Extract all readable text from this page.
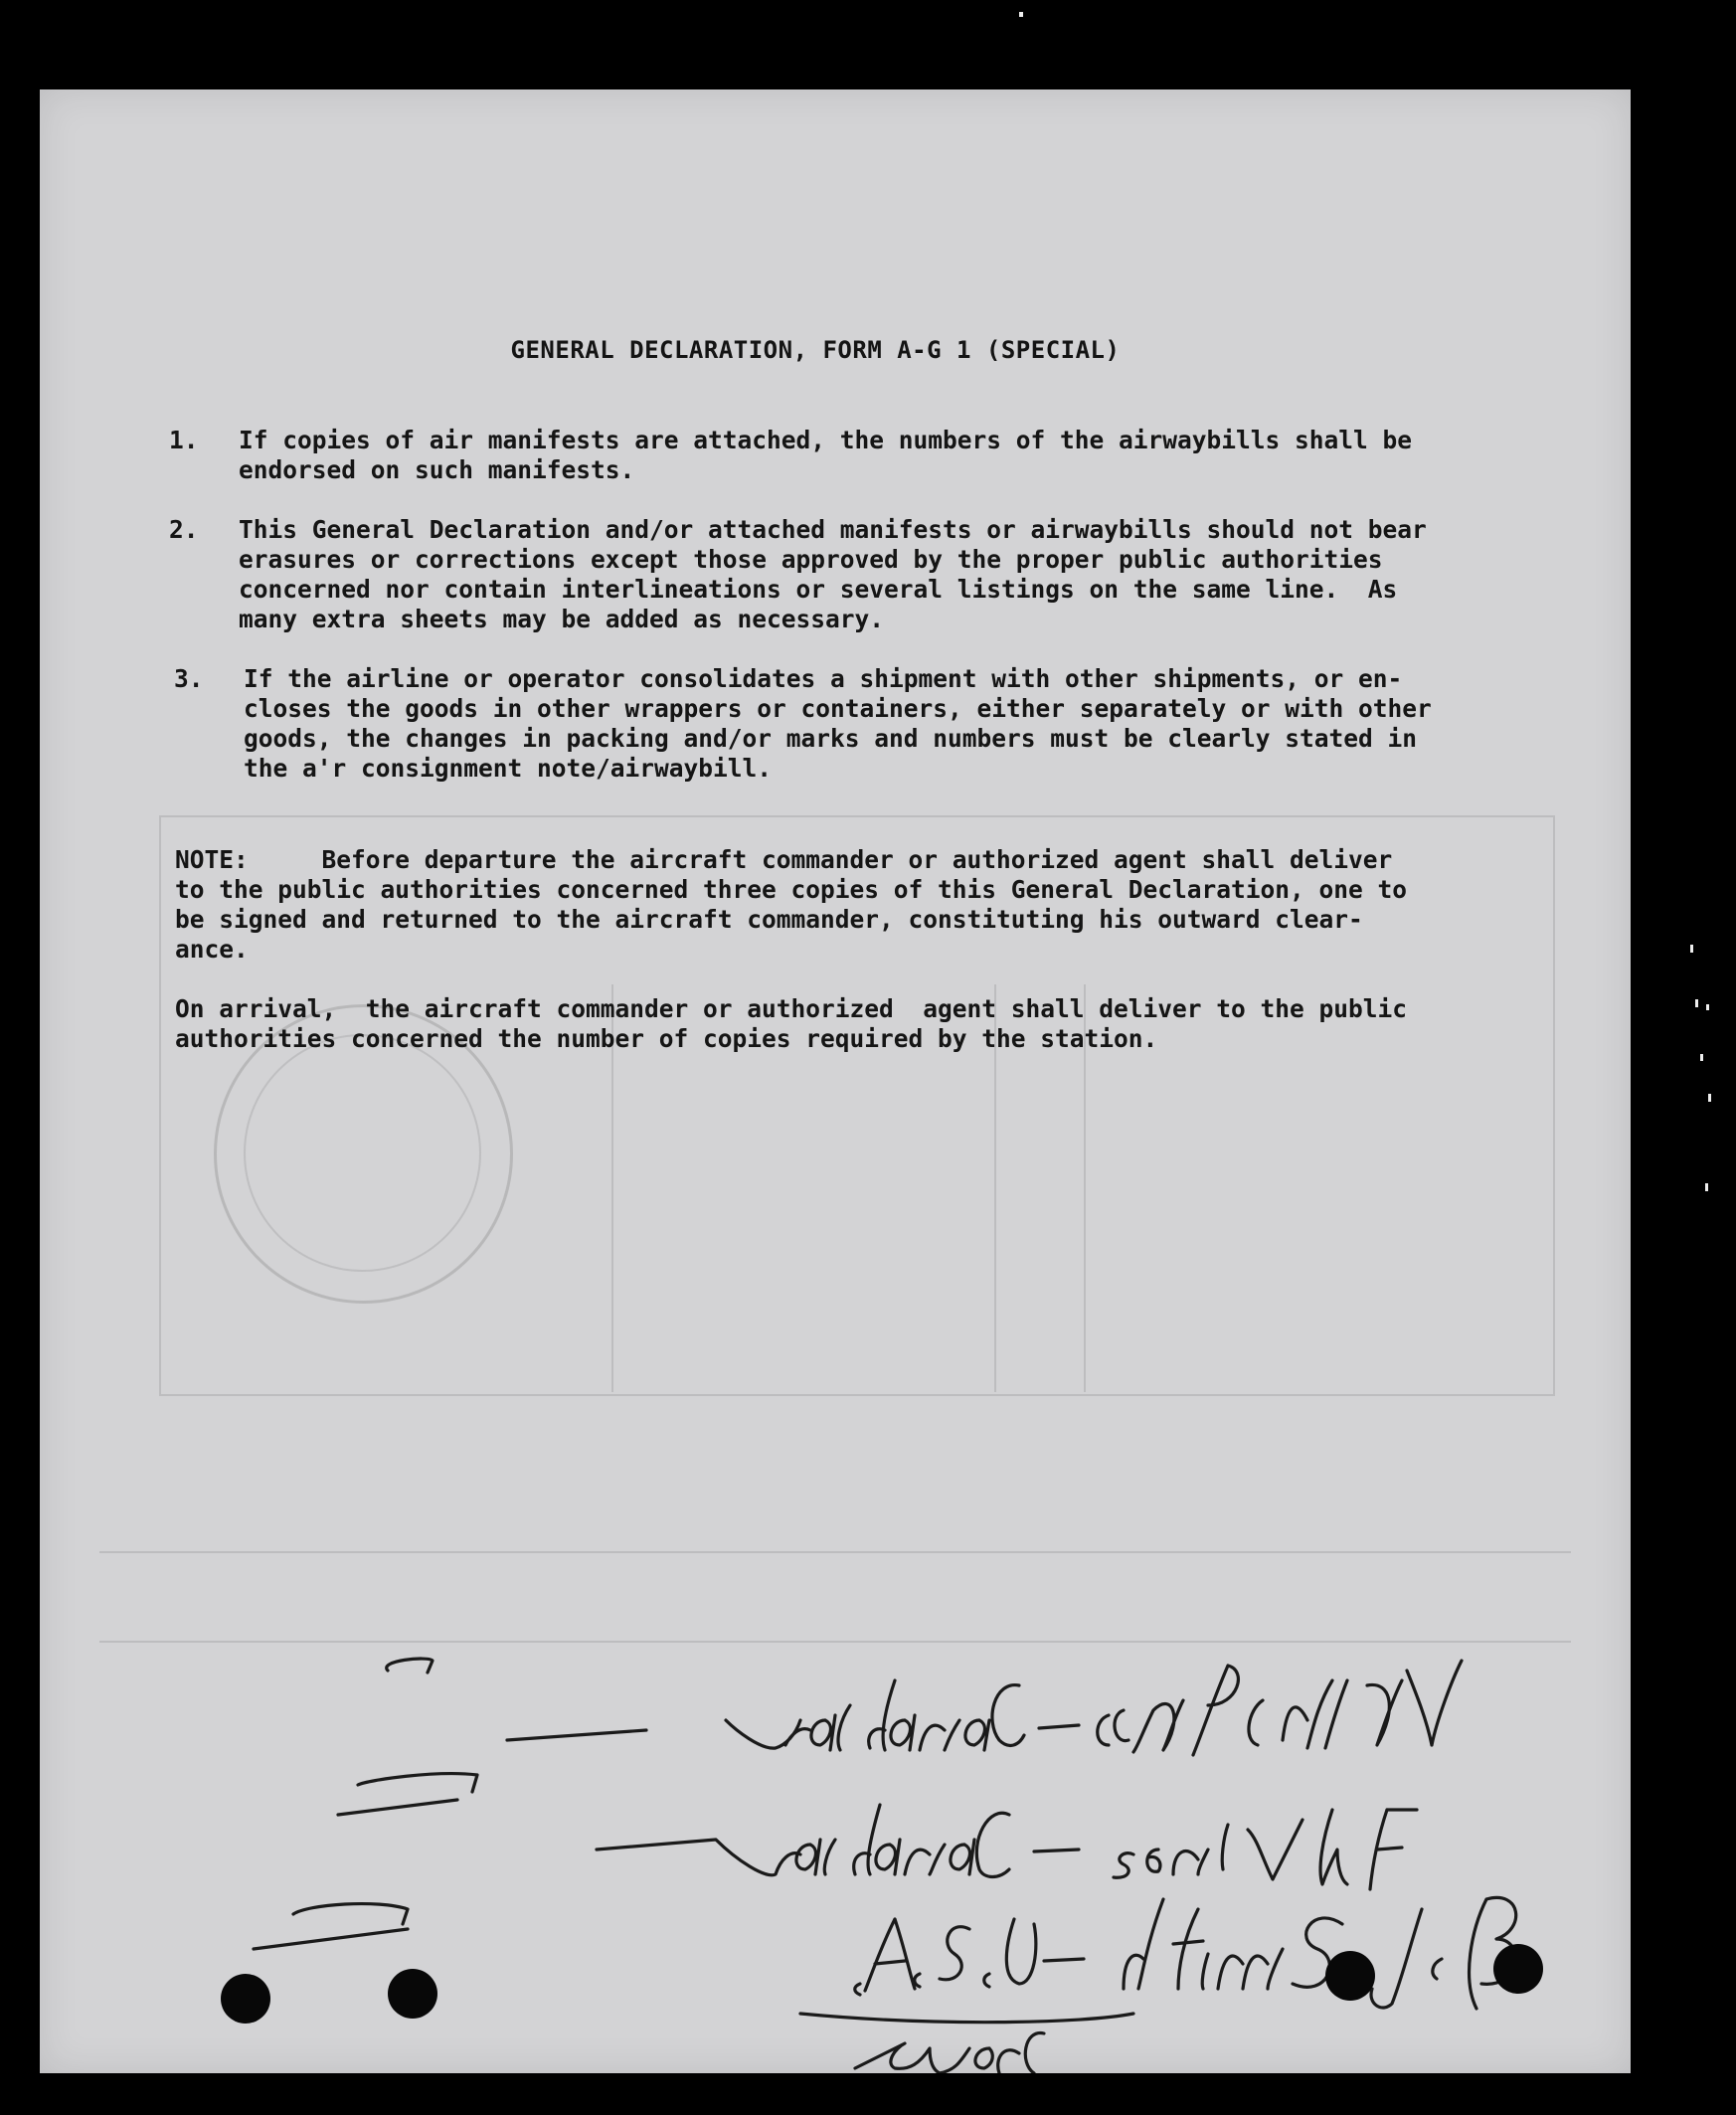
GENERAL DECLARATION, FORM A-G 1 (SPECIAL)
1.	If copies of air manifests are attached, the numbers of the airwaybills shall be
endorsed on such manifests.
2.	This General Declaration and/or attached manifests or airwaybills should not bear
erasures or corrections except those approved by the proper public authorities
concerned nor contain interlineations or several listings on the same line.  As
many extra sheets may be added as necessary.
3.	If the airline or operator consolidates a shipment with other shipments, or en-
closes the goods in other wrappers or containers, either separately or with other
goods, the changes in packing and/or marks and numbers must be clearly stated in
the a'r consignment note/airwaybill.
NOTE:     Before departure the aircraft commander or authorized agent shall deliver
to the public authorities concerned three copies of this General Declaration, one to
be signed and returned to the aircraft commander, constituting his outward clear-
ance.
On arrival,  the aircraft commander or authorized  agent shall deliver to the public
authorities concerned the number of copies required by the station.
